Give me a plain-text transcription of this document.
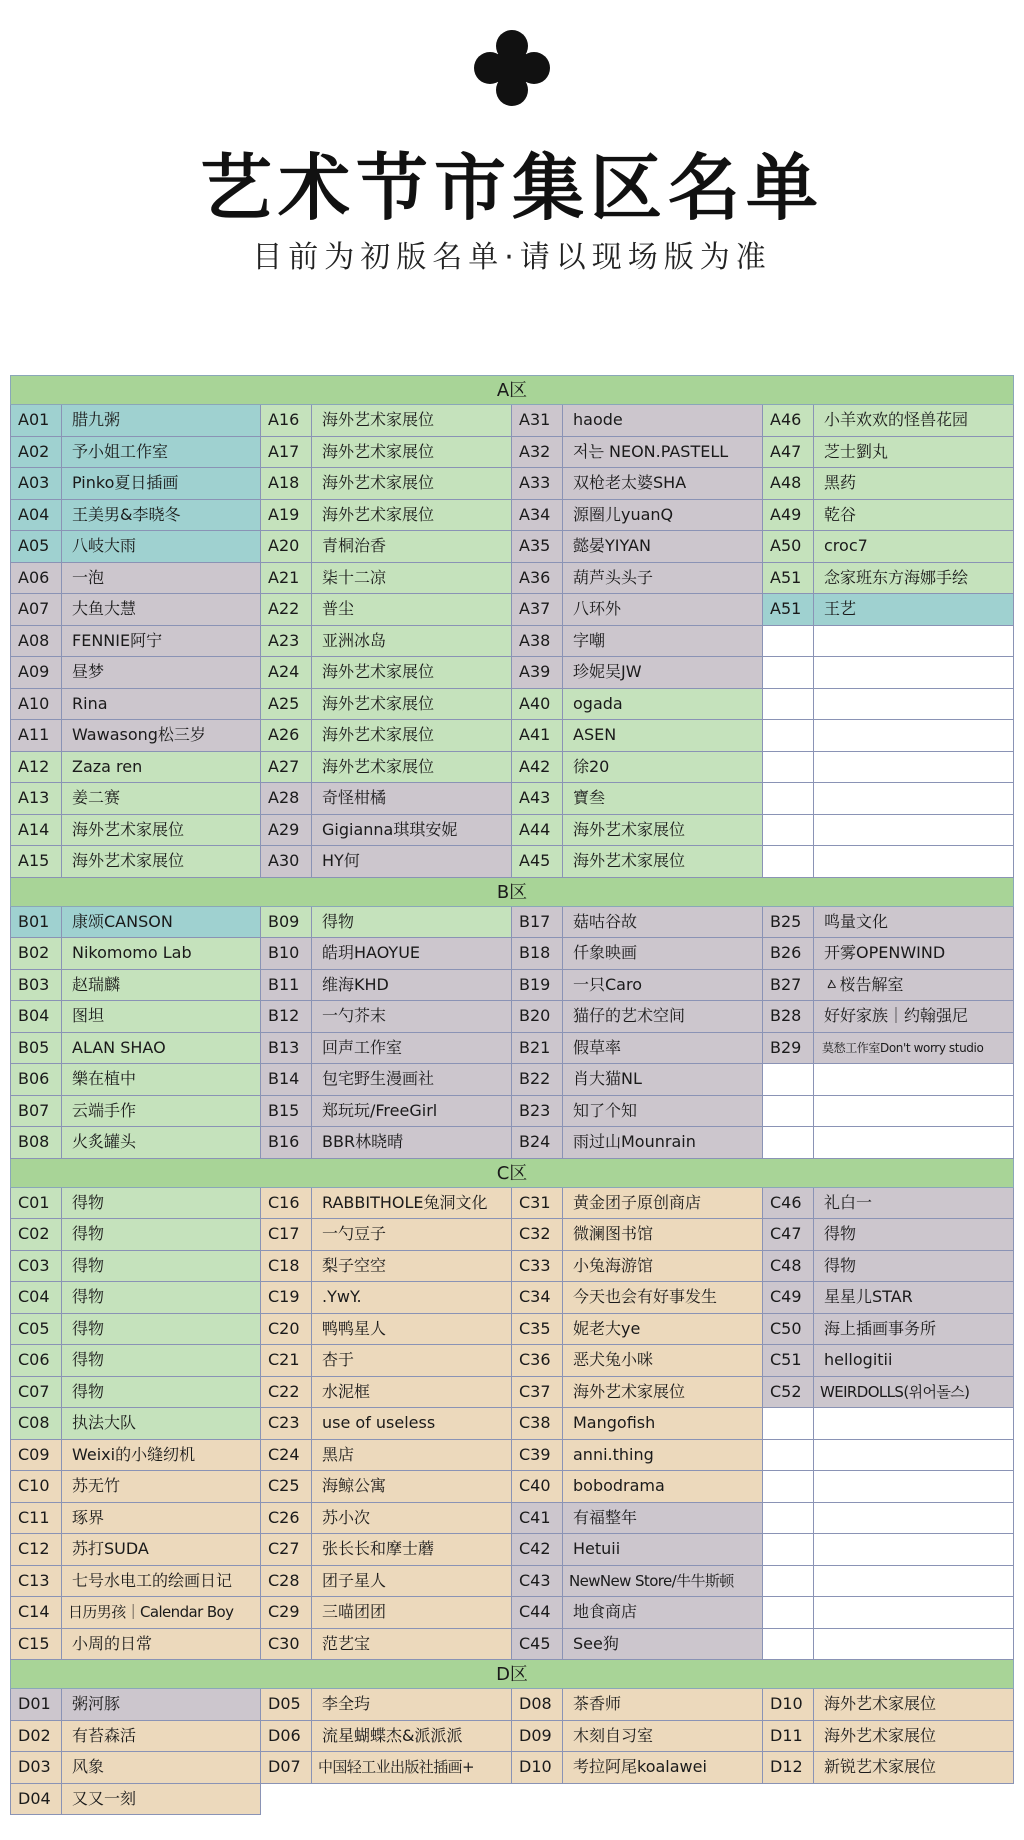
艺术节市集区名单
目前为初版名单·请以现场版为准
A区
A01	腊九粥	A16	海外艺术家展位	A31	haode	A46	小羊欢欢的怪兽花园
A02	予小姐工作室	A17	海外艺术家展位	A32	저는 NEON.PASTELL	A47	芝士劉丸
A03	Pinko夏日插画	A18	海外艺术家展位	A33	双枪老太婆SHA	A48	黑药
A04	王美男&李晓冬	A19	海外艺术家展位	A34	源圈儿yuanQ	A49	乾谷
A05	八岐大雨	A20	青桐治香	A35	懿晏YIYAN	A50	croc7
A06	一泡	A21	柒十二凉	A36	葫芦头头子	A51	念家班东方海娜手绘
A07	大鱼大慧	A22	普尘	A37	八环外	A51	王艺
A08	FENNIE阿宁	A23	亚洲冰岛	A38	字嘲
A09	昼梦	A24	海外艺术家展位	A39	珍妮吴JW
A10	Rina	A25	海外艺术家展位	A40	ogada
A11	Wawasong松三岁	A26	海外艺术家展位	A41	ASEN
A12	Zaza ren	A27	海外艺术家展位	A42	徐20
A13	姜二赛	A28	奇怪柑橘	A43	寶叁
A14	海外艺术家展位	A29	Gigianna琪琪安妮	A44	海外艺术家展位
A15	海外艺术家展位	A30	HY何	A45	海外艺术家展位
B区
B01	康颂CANSON	B09	得物	B17	菇咕谷故	B25	鸣量文化
B02	Nikomomo Lab	B10	皓玥HAOYUE	B18	仟象映画	B26	开雾OPENWIND
B03	赵瑞麟	B11	维海KHD	B19	一只Caro	B27	ㅿ桜告解室
B04	图坦	B12	一勺芥末	B20	猫仔的艺术空间	B28	好好家族｜约翰强尼
B05	ALAN SHAO	B13	回声工作室	B21	假草率	B29	莫愁工作室Don't worry studio
B06	樂在植中	B14	包宅野生漫画社	B22	肖大猫NL
B07	云端手作	B15	郑玩玩/FreeGirl	B23	知了个知
B08	火炙罐头	B16	BBR林晓晴	B24	雨过山Mounrain
C区
C01	得物	C16	RABBITHOLE兔洞文化	C31	黄金团子原创商店	C46	礼白一
C02	得物	C17	一勺豆子	C32	微澜图书馆	C47	得物
C03	得物	C18	梨子空空	C33	小兔海游馆	C48	得物
C04	得物	C19	.YwY.	C34	今天也会有好事发生	C49	星星儿STAR
C05	得物	C20	鸭鸭星人	C35	妮老大ye	C50	海上插画事务所
C06	得物	C21	杏于	C36	恶犬兔小咪	C51	hellogitii
C07	得物	C22	水泥框	C37	海外艺术家展位	C52	WEIRDOLLS(위어돌스)
C08	执法大队	C23	use of useless	C38	Mangofish
C09	Weixi的小缝纫机	C24	黑店	C39	anni.thing
C10	苏无竹	C25	海鲸公寓	C40	bobodrama
C11	琢界	C26	苏小次	C41	有福整年
C12	苏打SUDA	C27	张长长和摩士蘑	C42	Hetuii
C13	七号水电工的绘画日记	C28	团子星人	C43	NewNew Store/牛牛斯顿
C14	日历男孩｜Calendar Boy	C29	三喵团团	C44	地食商店
C15	小周的日常	C30	范艺宝	C45	See狗
D区
D01	粥河豚	D05	李全玙	D08	茶香师	D10	海外艺术家展位
D02	有苔森活	D06	流星蝴蝶杰&派派派	D09	木刻自习室	D11	海外艺术家展位
D03	风象	D07	中国轻工业出版社插画+	D10	考拉阿尾koalawei	D12	新锐艺术家展位
D04	又又一刻
